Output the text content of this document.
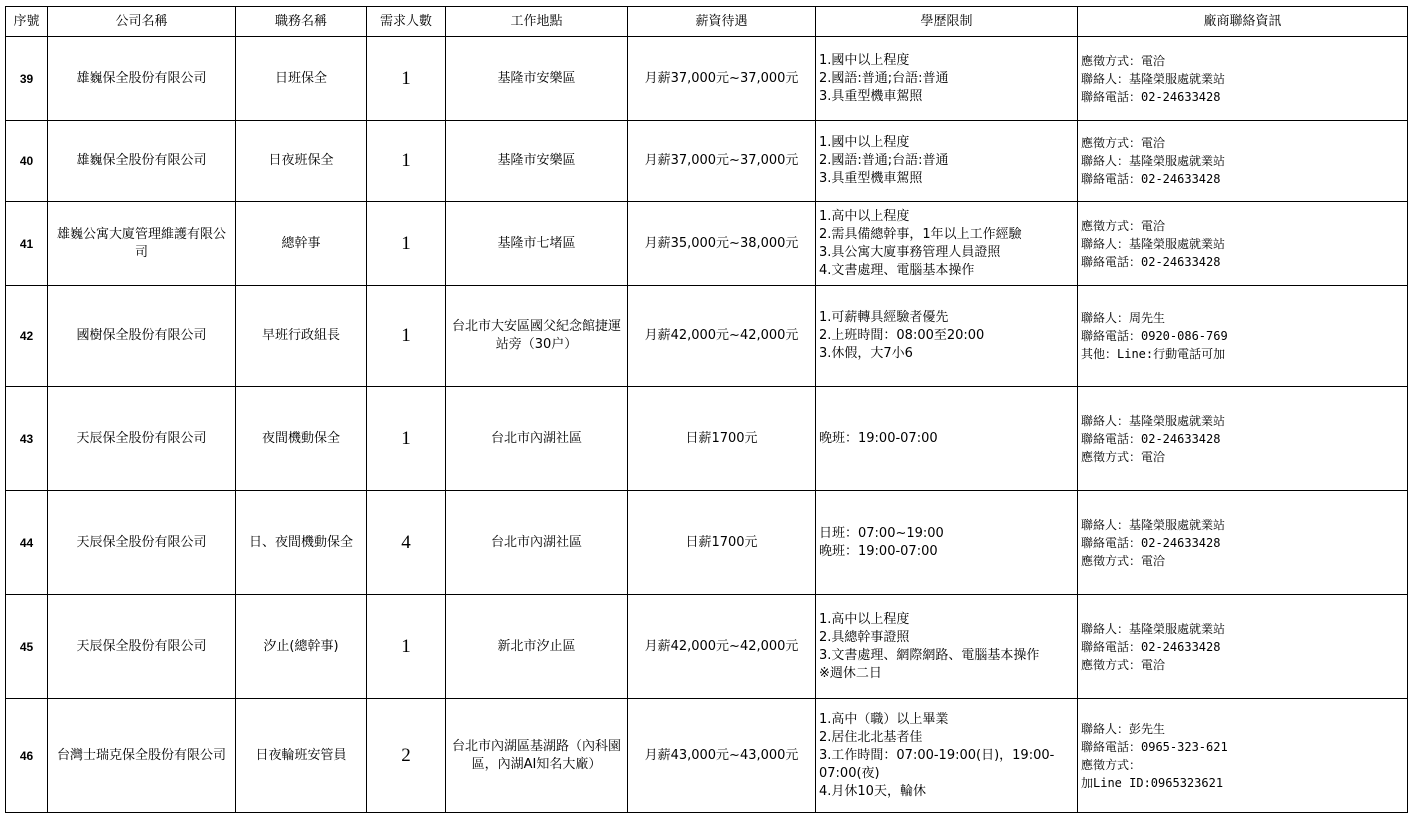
序號	公司名稱	職務名稱	需求人數	工作地點	薪資待遇	學歷限制	廠商聯絡資訊
39	雄巍保全股份有限公司	日班保全	1	基隆市安樂區	月薪37,000元~37,000元	1.國中以上程度
2.國語:普通;台語:普通
3.具重型機車駕照	應徵方式：電洽
聯絡人：基隆榮服處就業站
聯絡電話：02-24633428

40	雄巍保全股份有限公司	日夜班保全	1	基隆市安樂區	月薪37,000元~37,000元	1.國中以上程度
2.國語:普通;台語:普通
3.具重型機車駕照	應徵方式：電洽
聯絡人：基隆榮服處就業站
聯絡電話：02-24633428

41	雄巍公寓大廈管理維護有限公司	總幹事	1	基隆市七堵區	月薪35,000元~38,000元	1.高中以上程度
2.需具備總幹事，1年以上工作經驗
3.具公寓大廈事務管理人員證照
4.文書處理、電腦基本操作	應徵方式：電洽
聯絡人：基隆榮服處就業站
聯絡電話：02-24633428

42	國樹保全股份有限公司	早班行政組長	1	台北市大安區國父紀念館捷運站旁（30户）	月薪42,000元~42,000元	1.可薪轉具經驗者優先
2.上班時間：08:00至20:00
3.休假，大7小6	聯絡人：周先生
聯絡電話：0920-086-769
其他：Line:行動電話可加

43	天辰保全股份有限公司	夜間機動保全	1	台北市內湖社區	日薪1700元	晚班：19:00-07:00	聯絡人：基隆榮服處就業站
聯絡電話：02-24633428
應徵方式：電洽

44	天辰保全股份有限公司	日、夜間機動保全	4	台北市內湖社區	日薪1700元	日班：07:00~19:00
晚班：19:00-07:00	聯絡人：基隆榮服處就業站
聯絡電話：02-24633428
應徵方式：電洽

45	天辰保全股份有限公司	汐止(總幹事)	1	新北市汐止區	月薪42,000元~42,000元	1.高中以上程度
2.具總幹事證照
3.文書處理、網際網路、電腦基本操作
※週休二日	聯絡人：基隆榮服處就業站
聯絡電話：02-24633428
應徵方式：電洽

46	台灣士瑞克保全股份有限公司	日夜輪班安管員	2	台北市內湖區基湖路（內科園區，內湖AI知名大廠）	月薪43,000元~43,000元	1.高中（職）以上畢業
2.居住北北基者佳
3.工作時間：07:00-19:00(日)，19:00-07:00(夜)
4.月休10天，輪休	聯絡人：彭先生
聯絡電話：0965-323-621
應徵方式：
加Line ID:0965323621
